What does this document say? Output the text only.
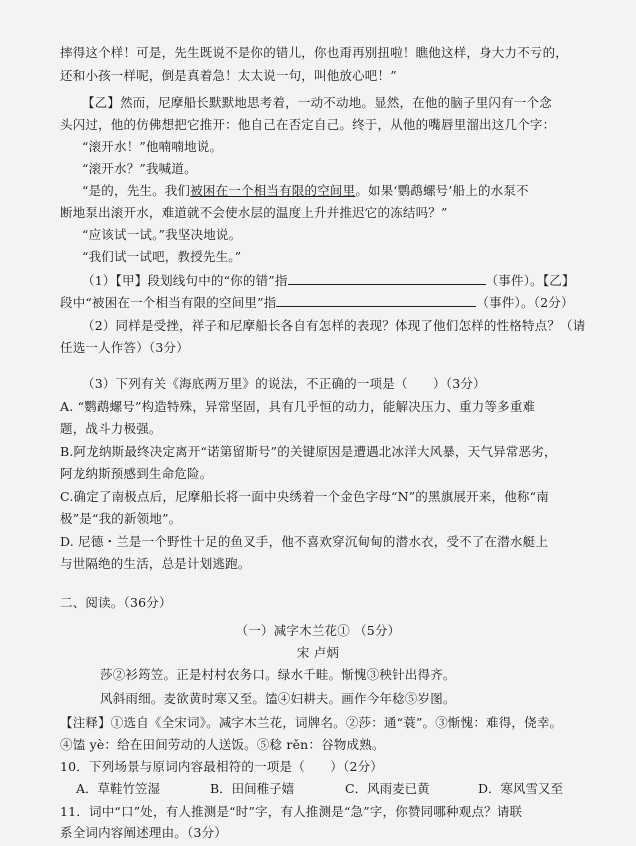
摔得这个样！可是，先生既说不是你的错儿，你也甭再别扭啦！瞧他这样，身大力不亏的，
还和小孩一样呢，倒是真着急！太太说一句，叫他放心吧！”
【乙】然而，尼摩船长默默地思考着，一动不动地。显然，在他的脑子里闪有一个念
头闪过，他的仿佛想把它推开：他自己在否定自己。终于，从他的嘴唇里溜出这几个字：
“滚开水！”他喃喃地说。
“滚开水？”我喊道。
“是的，先生。我们被困在一个相当有限的空间里。如果‘鹦鹉螺号’船上的水泵不
断地泵出滚开水，难道就不会使水层的温度上升并推迟它的冻结吗？”
“应该试一试。”我坚决地说。
“我们试一试吧，教授先生。”
（1）【甲】段划线句中的“你的错”指	（事件）。【乙】
段中“被困在一个相当有限的空间里”指	（事件）。（2分）
（2）同样是受挫，祥子和尼摩船长各自有怎样的表现？体现了他们怎样的性格特点？（请
任选一人作答）（3分）
（3）下列有关《海底两万里》的说法，不正确的一项是（　　）（3分）
A. “鹦鹉螺号”构造特殊，异常坚固，具有几乎恒的动力，能解决压力、重力等多重难
题，战斗力极强。
B.阿龙纳斯最终决定离开“诺第留斯号”的关键原因是遭遇北冰洋大风暴，天气异常恶劣，
阿龙纳斯预感到生命危险。
C.确定了南极点后，尼摩船长将一面中央绣着一个金色字母“N”的黑旗展开来，他称“南
极”是“我的新领地”。
D. 尼德・兰是一个野性十足的鱼叉手，他不喜欢穿沉甸甸的潜水衣，受不了在潜水艇上
与世隔绝的生活，总是计划逃跑。
二、阅读。（36分）
（一）减字木兰花① （5分）
宋 卢炳
莎②衫筠笠。正是村村农务口。绿水千畦。惭愧③秧针出得齐。
风斜雨细。麦欲黄时寒又至。馌④妇耕夫。画作今年稔⑤岁图。
【注释】①选自《全宋词》。减字木兰花，词牌名。②莎：通“蓑”。③惭愧：难得，侥幸。
④馌 yè：给在田间劳动的人送饭。⑤稔 rěn：谷物成熟。
10．下列场景与原词内容最相符的一项是（　　）（2分）
A．草鞋竹笠湿	B．田间稚子嬉	C．风雨麦已黄	D．寒风雪又至
11．词中“口”处，有人推测是“时”字，有人推测是“急”字，你赞同哪种观点？请联
系全词内容阐述理由。（3分）
